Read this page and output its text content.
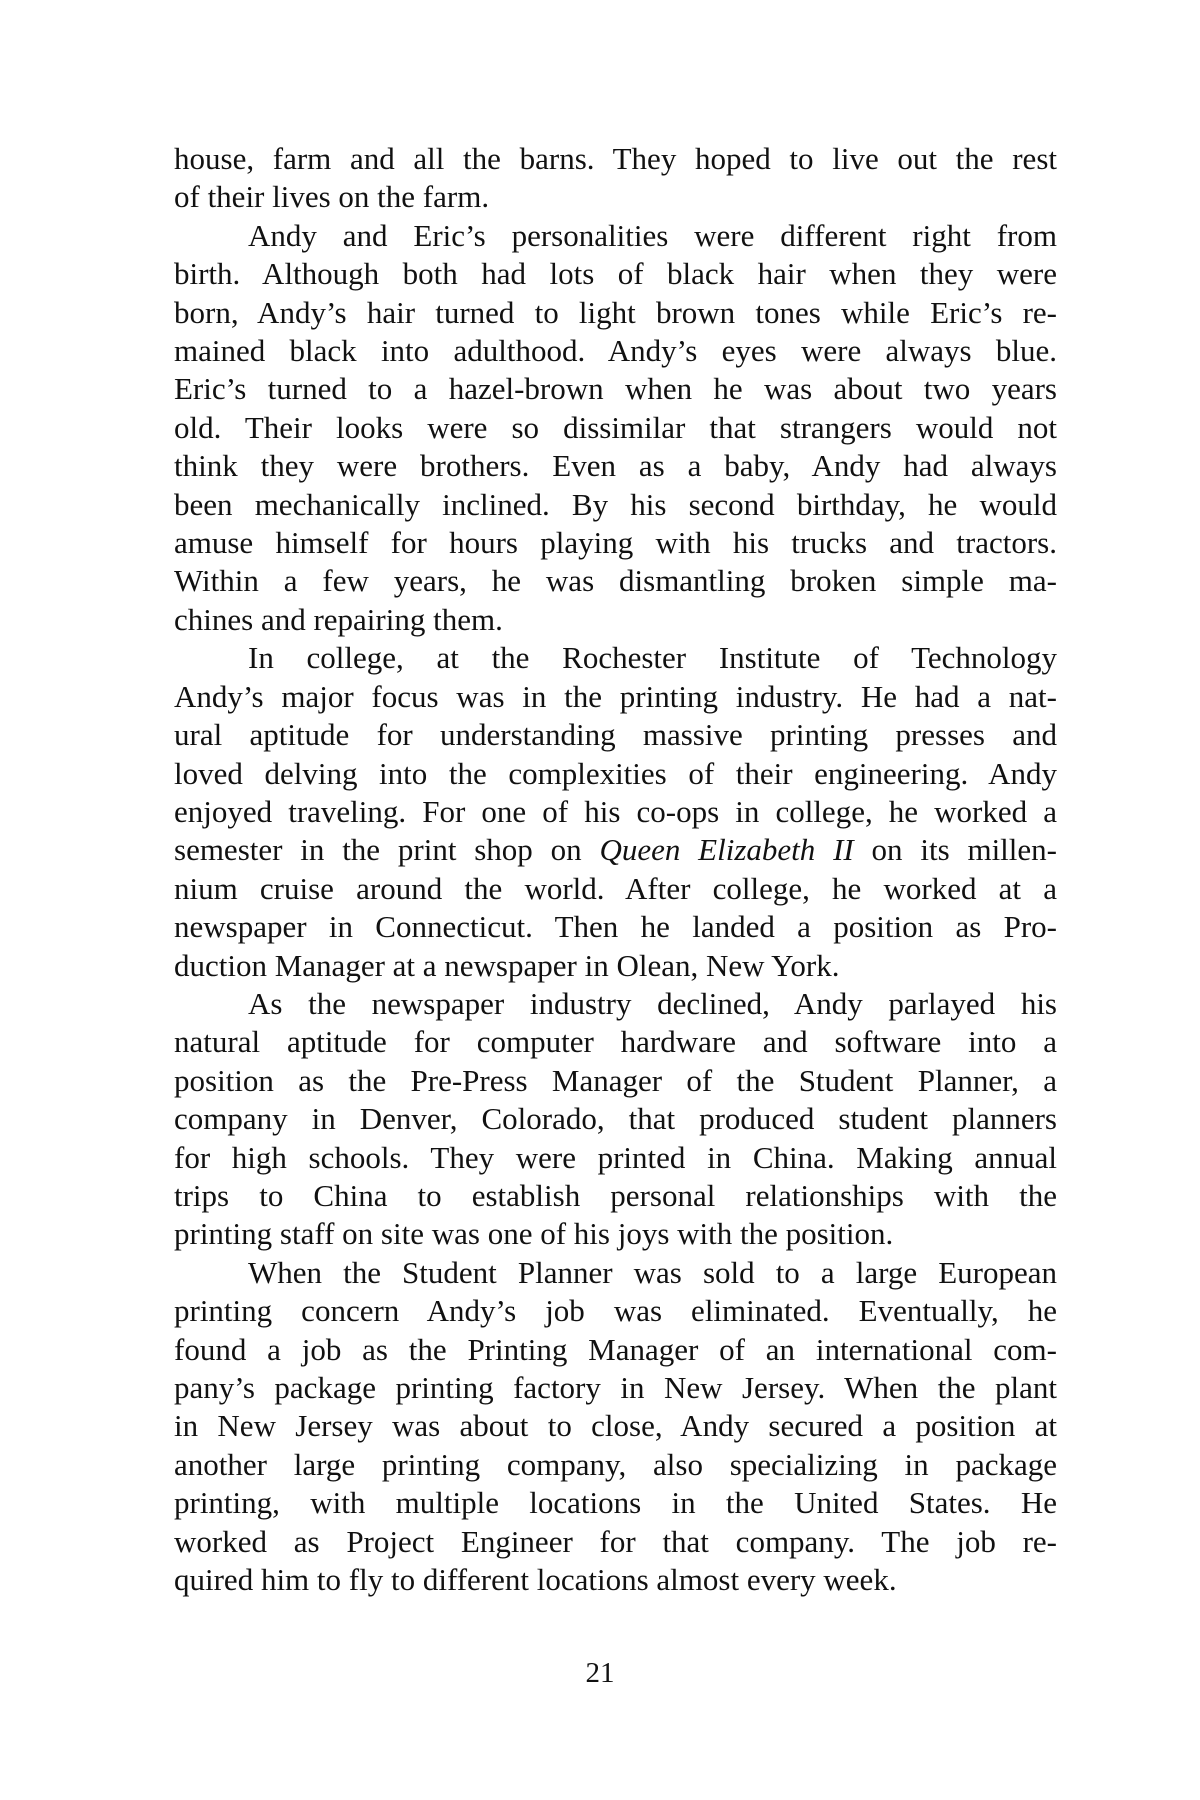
house, farm and all the barns. They hoped to live out the rest
of their lives on the farm.
Andy and Eric’s personalities were different right from
birth. Although both had lots of black hair when they were
born, Andy’s hair turned to light brown tones while Eric’s re-
mained black into adulthood. Andy’s eyes were always blue.
Eric’s turned to a hazel-brown when he was about two years
old. Their looks were so dissimilar that strangers would not
think they were brothers. Even as a baby, Andy had always
been mechanically inclined. By his second birthday, he would
amuse himself for hours playing with his trucks and tractors.
Within a few years, he was dismantling broken simple ma-
chines and repairing them.
In college, at the Rochester Institute of Technology
Andy’s major focus was in the printing industry. He had a nat-
ural aptitude for understanding massive printing presses and
loved delving into the complexities of their engineering. Andy
enjoyed traveling. For one of his co-ops in college, he worked a
semester in the print shop on Queen Elizabeth II on its millen-
nium cruise around the world. After college, he worked at a
newspaper in Connecticut. Then he landed a position as Pro-
duction Manager at a newspaper in Olean, New York.
As the newspaper industry declined, Andy parlayed his
natural aptitude for computer hardware and software into a
position as the Pre-Press Manager of the Student Planner, a
company in Denver, Colorado, that produced student planners
for high schools. They were printed in China. Making annual
trips to China to establish personal relationships with the
printing staff on site was one of his joys with the position.
When the Student Planner was sold to a large European
printing concern Andy’s job was eliminated. Eventually, he
found a job as the Printing Manager of an international com-
pany’s package printing factory in New Jersey. When the plant
in New Jersey was about to close, Andy secured a position at
another large printing company, also specializing in package
printing, with multiple locations in the United States. He
worked as Project Engineer for that company. The job re-
quired him to fly to different locations almost every week.
21
